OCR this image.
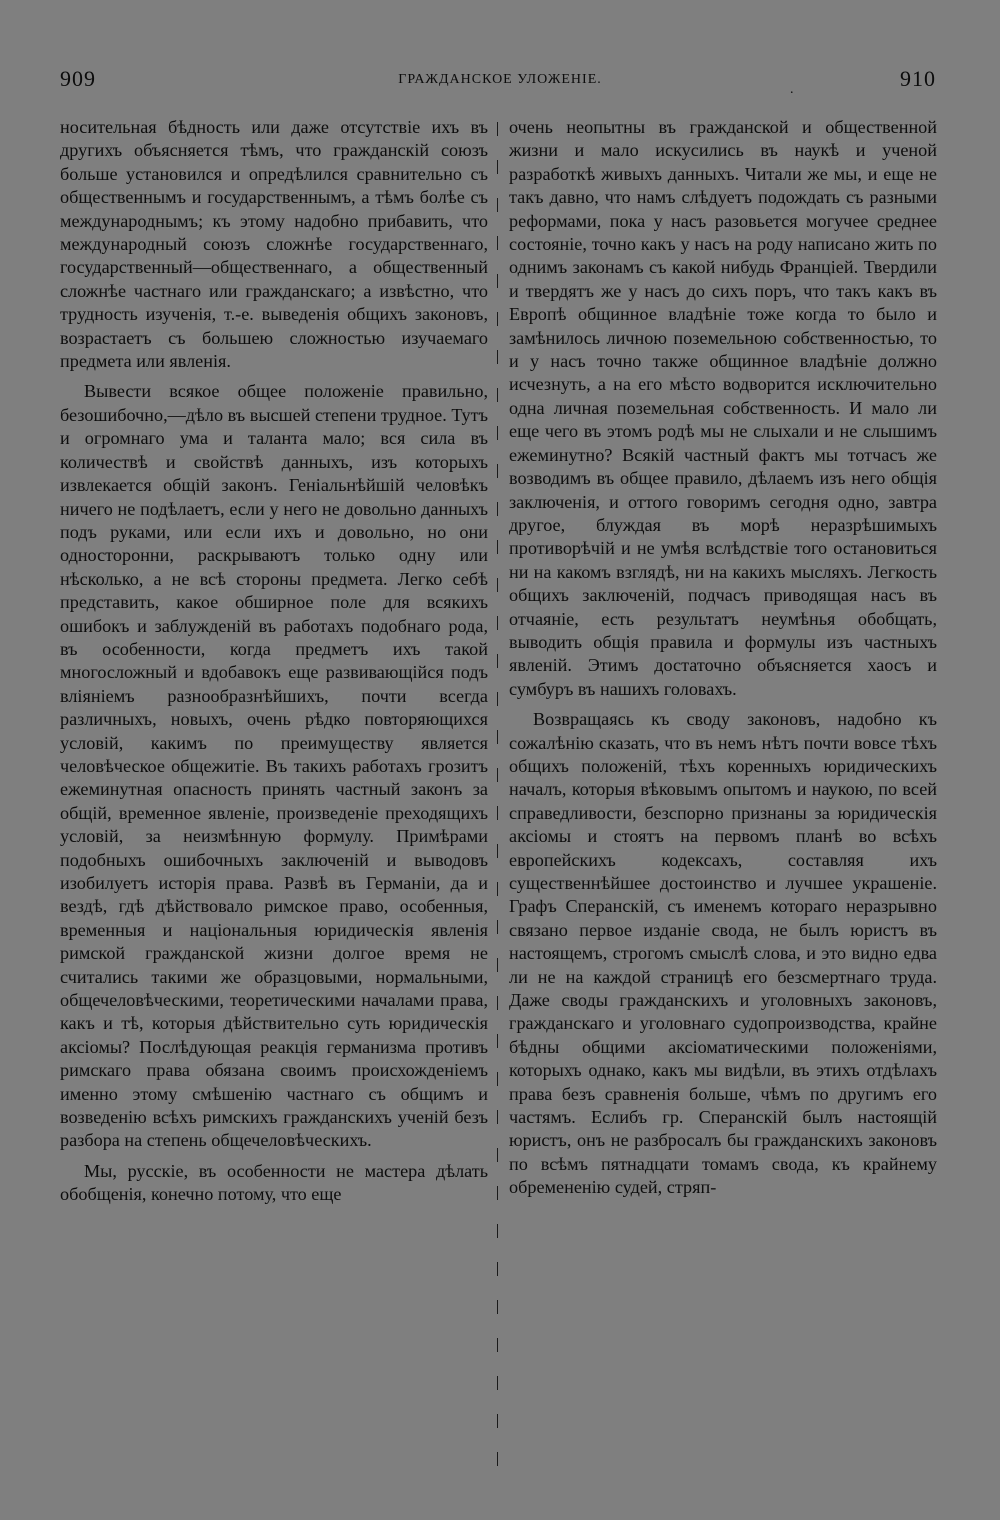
909	ГРАЖДАНСКОЕ УЛОЖЕНІЕ.
.	910

носительная бѣдность или даже отсутствіе ихъ въ другихъ объясняется тѣмъ, что гражданскій союзъ больше установился и опредѣлился сравнительно съ общественнымъ и государственнымъ, а тѣмъ болѣе съ международнымъ; къ этому надобно прибавить, что международный союзъ сложнѣе государственнаго, государственный—общественнаго, а общественный сложнѣе частнаго или гражданскаго; а извѣстно, что трудность изученія, т.-е. выведенія общихъ законовъ, возрастаетъ съ большею сложностью изучаемаго предмета или явленія.

Вывести всякое общее положеніе правильно, безошибочно,—дѣло въ высшей степени трудное. Тутъ и огромнаго ума и таланта мало; вся сила въ количествѣ и свойствѣ данныхъ, изъ которыхъ извлекается общій законъ. Геніальнѣйшій человѣкъ ничего не подѣлаетъ, если у него не довольно данныхъ подъ руками, или если ихъ и довольно, но они односторонни, раскрываютъ только одну или нѣсколько, а не всѣ стороны предмета. Легко себѣ представить, какое обширное поле для всякихъ ошибокъ и заблужденій въ работахъ подобнаго рода, въ особенности, когда предметъ ихъ такой многосложный и вдобавокъ еще развивающійся подъ вліяніемъ разнообразнѣйшихъ, почти всегда различныхъ, новыхъ, очень рѣдко повторяющихся условій, какимъ по преимуществу является человѣческое общежитіе. Въ такихъ работахъ грозитъ ежеминутная опасность принять частный законъ за общій, временное явленіе, произведеніе преходящихъ условій, за неизмѣнную формулу. Примѣрами подобныхъ ошибочныхъ заключеній и выводовъ изобилуетъ исторія права. Развѣ въ Германіи, да и вездѣ, гдѣ дѣйствовало римское право, особенныя, временныя и національныя юридическія явленія римской гражданской жизни долгое время не считались такими же образцовыми, нормальными, общечеловѣческими, теоретическими началами права, какъ и тѣ, которыя дѣйствительно суть юридическія аксіомы? Послѣдующая реакція германизма противъ римскаго права обязана своимъ происхожденіемъ именно этому смѣшенію частнаго съ общимъ и возведенію всѣхъ римскихъ гражданскихъ ученій безъ разбора на степень общечеловѣческихъ.

Мы, русскіе, въ особенности не мастера дѣлать обобщенія, конечно потому, что еще

очень неопытны въ гражданской и общественной жизни и мало искусились въ наукѣ и ученой разработкѣ живыхъ данныхъ. Читали же мы, и еще не такъ давно, что намъ слѣдуетъ подождать съ разными реформами, пока у насъ разовьется могучее среднее состояніе, точно какъ у насъ на роду написано жить по однимъ законамъ съ какой нибудь Франціей. Твердили и твердятъ же у насъ до сихъ поръ, что такъ какъ въ Европѣ общинное владѣніе тоже когда то было и замѣнилось личною поземельною собственностью, то и у насъ точно также общинное владѣніе должно исчезнуть, а на его мѣсто водворится исключительно одна личная поземельная собственность. И мало ли еще чего въ этомъ родѣ мы не слыхали и не слышимъ ежеминутно? Всякій частный фактъ мы тотчасъ же возводимъ въ общее правило, дѣлаемъ изъ него общія заключенія, и оттого говоримъ сегодня одно, завтра другое, блуждая въ морѣ неразрѣшимыхъ противорѣчій и не умѣя вслѣдствіе того остановиться ни на какомъ взглядѣ, ни на какихъ мысляхъ. Легкость общихъ заключеній, подчасъ приводящая насъ въ отчаяніе, есть результатъ неумѣнья обобщать, выводить общія правила и формулы изъ частныхъ явленій. Этимъ достаточно объясняется хаосъ и сумбуръ въ нашихъ головахъ.

Возвращаясь къ своду законовъ, надобно къ сожалѣнію сказать, что въ немъ нѣтъ почти вовсе тѣхъ общихъ положеній, тѣхъ коренныхъ юридическихъ началъ, которыя вѣковымъ опытомъ и наукою, по всей справедливости, безспорно признаны за юридическія аксіомы и стоятъ на первомъ планѣ во всѣхъ европейскихъ кодексахъ, составляя ихъ существеннѣйшее достоинство и лучшее украшеніе. Графъ Сперанскій, съ именемъ котораго неразрывно связано первое изданіе свода, не былъ юристъ въ настоящемъ, строгомъ смыслѣ слова, и это видно едва ли не на каждой страницѣ его безсмертнаго труда. Даже своды гражданскихъ и уголовныхъ законовъ, гражданскаго и уголовнаго судопроизводства, крайне бѣдны общими аксіоматическими положеніями, которыхъ однако, какъ мы видѣли, въ этихъ отдѣлахъ права безъ сравненія больше, чѣмъ по другимъ его частямъ. Еслибъ гр. Сперанскій былъ настоящій юристъ, онъ не разбросалъ бы гражданскихъ законовъ по всѣмъ пятнадцати томамъ свода, къ крайнему обремененію судей, стряп-
